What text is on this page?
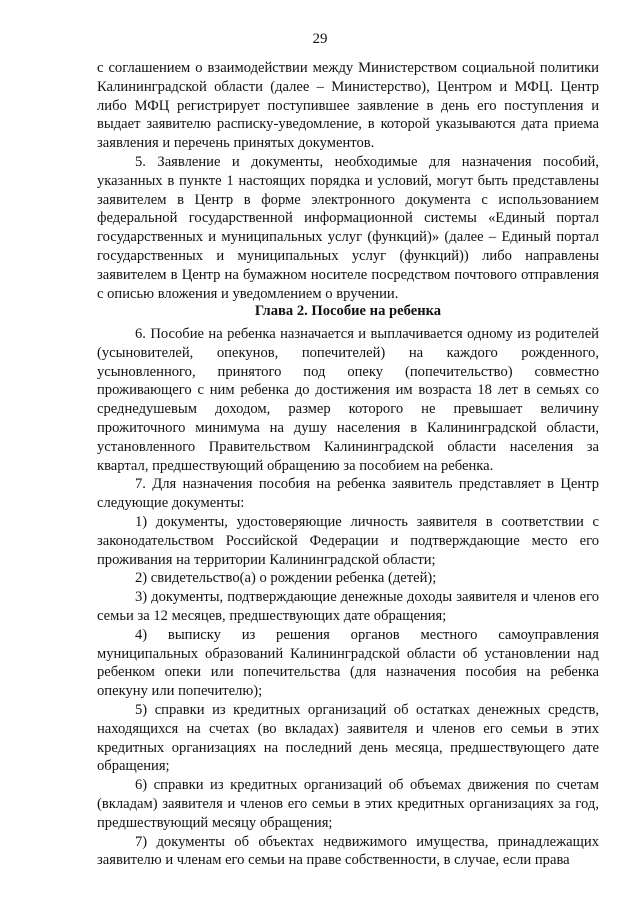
29

с соглашением о взаимодействии между Министерством социальной политики Калининградской области (далее – Министерство), Центром и МФЦ. Центр либо МФЦ регистрирует поступившее заявление в день его поступления и выдает заявителю расписку-уведомление, в которой указываются дата приема заявления и перечень принятых документов.

5. Заявление и документы, необходимые для назначения пособий, указанных в пункте 1 настоящих порядка и условий, могут быть представлены заявителем в Центр в форме электронного документа с использованием федеральной государственной информационной системы «Единый портал государственных и муниципальных услуг (функций)» (далее – Единый портал государственных и муниципальных услуг (функций)) либо направлены заявителем в Центр на бумажном носителе посредством почтового отправления с описью вложения и уведомлением о вручении.

Глава 2. Пособие на ребенка

6. Пособие на ребенка назначается и выплачивается одному из родителей (усыновителей, опекунов, попечителей) на каждого рожденного, усыновленного, принятого под опеку (попечительство) совместно проживающего с ним ребенка до достижения им возраста 18 лет в семьях со среднедушевым доходом, размер которого не превышает величину прожиточного минимума на душу населения в Калининградской области, установленного Правительством Калининградской области населения за квартал, предшествующий обращению за пособием на ребенка.

7. Для назначения пособия на ребенка заявитель представляет в Центр следующие документы:

1) документы, удостоверяющие личность заявителя в соответствии с законодательством Российской Федерации и подтверждающие место его проживания на территории Калининградской области;

2) свидетельство(а) о рождении ребенка (детей);

3) документы, подтверждающие денежные доходы заявителя и членов его семьи за 12 месяцев, предшествующих дате обращения;

4) выписку из решения органов местного самоуправления муниципальных образований Калининградской области об установлении над ребенком опеки или попечительства (для назначения пособия на ребенка опекуну или попечителю);

5) справки из кредитных организаций об остатках денежных средств, находящихся на счетах (во вкладах) заявителя и членов его семьи в этих кредитных организациях на последний день месяца, предшествующего дате обращения;

6) справки из кредитных организаций об объемах движения по счетам (вкладам) заявителя и членов его семьи в этих кредитных организациях за год, предшествующий месяцу обращения;

7) документы об объектах недвижимого имущества, принадлежащих заявителю и членам его семьи на праве собственности, в случае, если права
